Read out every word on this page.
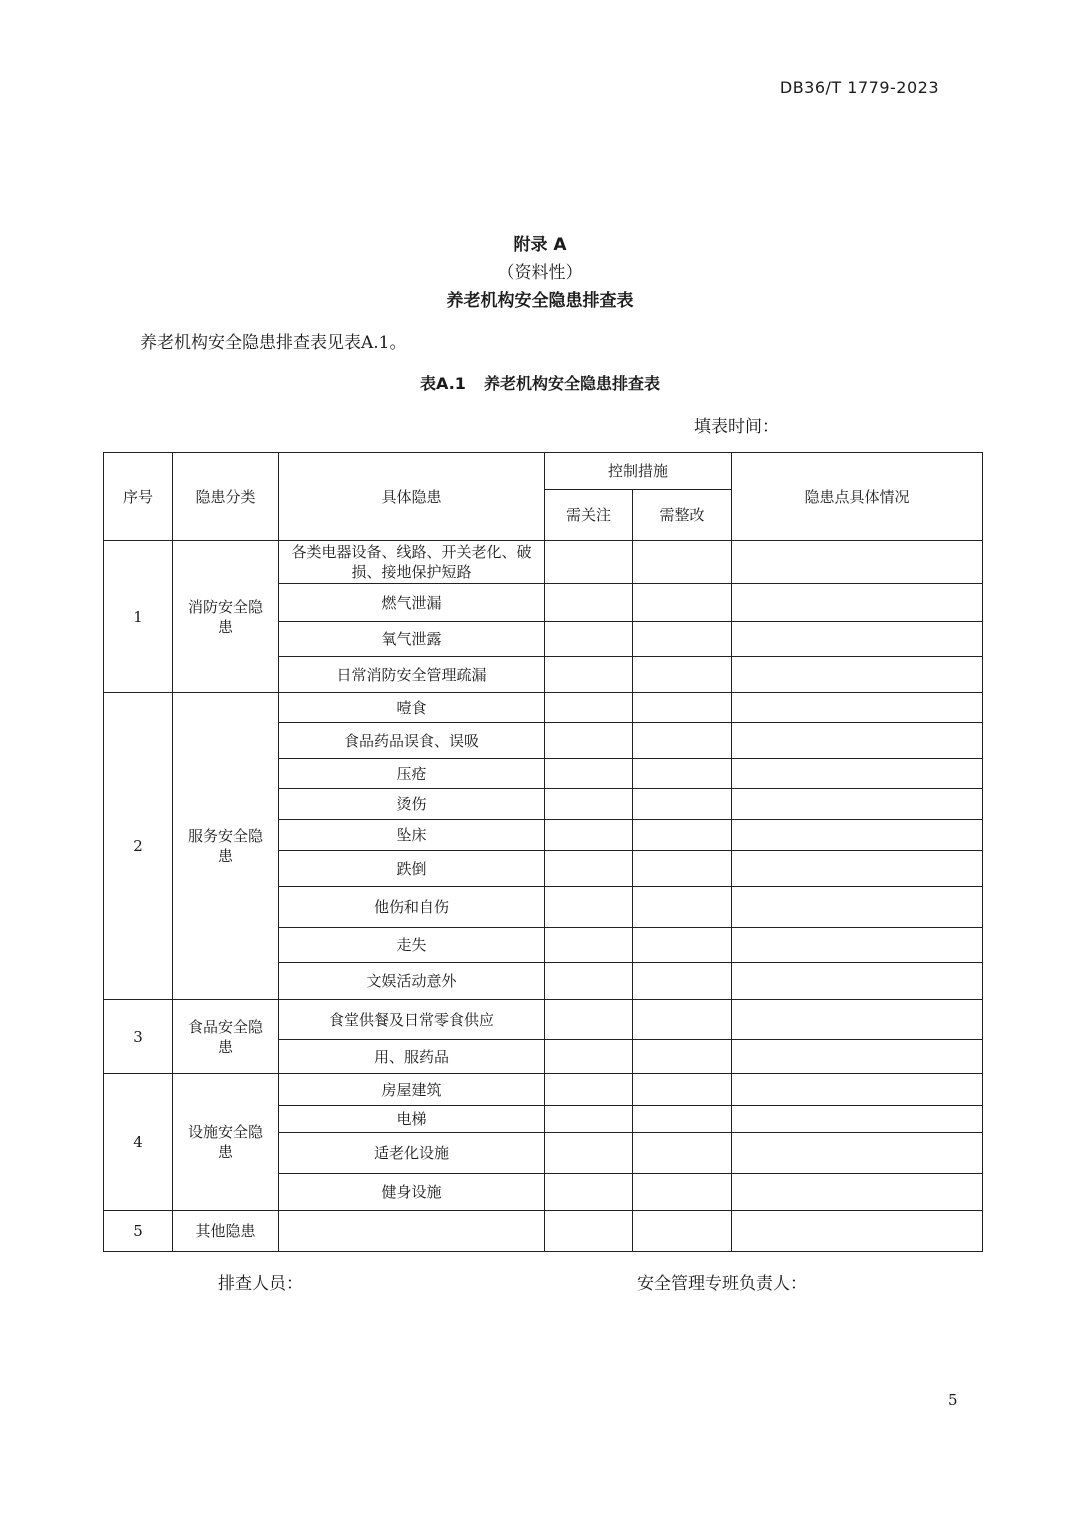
DB36/T 1779-2023
附录 A
（资料性）
养老机构安全隐患排查表
养老机构安全隐患排查表见表A.1。
表A.1 养老机构安全隐患排查表
填表时间：
序号	隐患分类	具体隐患	控制措施		隐患点具体情况
			需关注	需整改	
1	消防安全隐患	各类电器设备、线路、开关老化、破损、接地保护短路			
		燃气泄漏			
		氧气泄露			
		日常消防安全管理疏漏			
2	服务安全隐患	噎食			
		食品药品误食、误吸			
		压疮			
		烫伤			
		坠床			
		跌倒			
		他伤和自伤			
		走失			
		文娱活动意外			
3	食品安全隐患	食堂供餐及日常零食供应			
		用、服药品			
4	设施安全隐患	房屋建筑			
		电梯			
		适老化设施			
		健身设施			
5	其他隐患				
排查人员：	安全管理专班负责人：
5
